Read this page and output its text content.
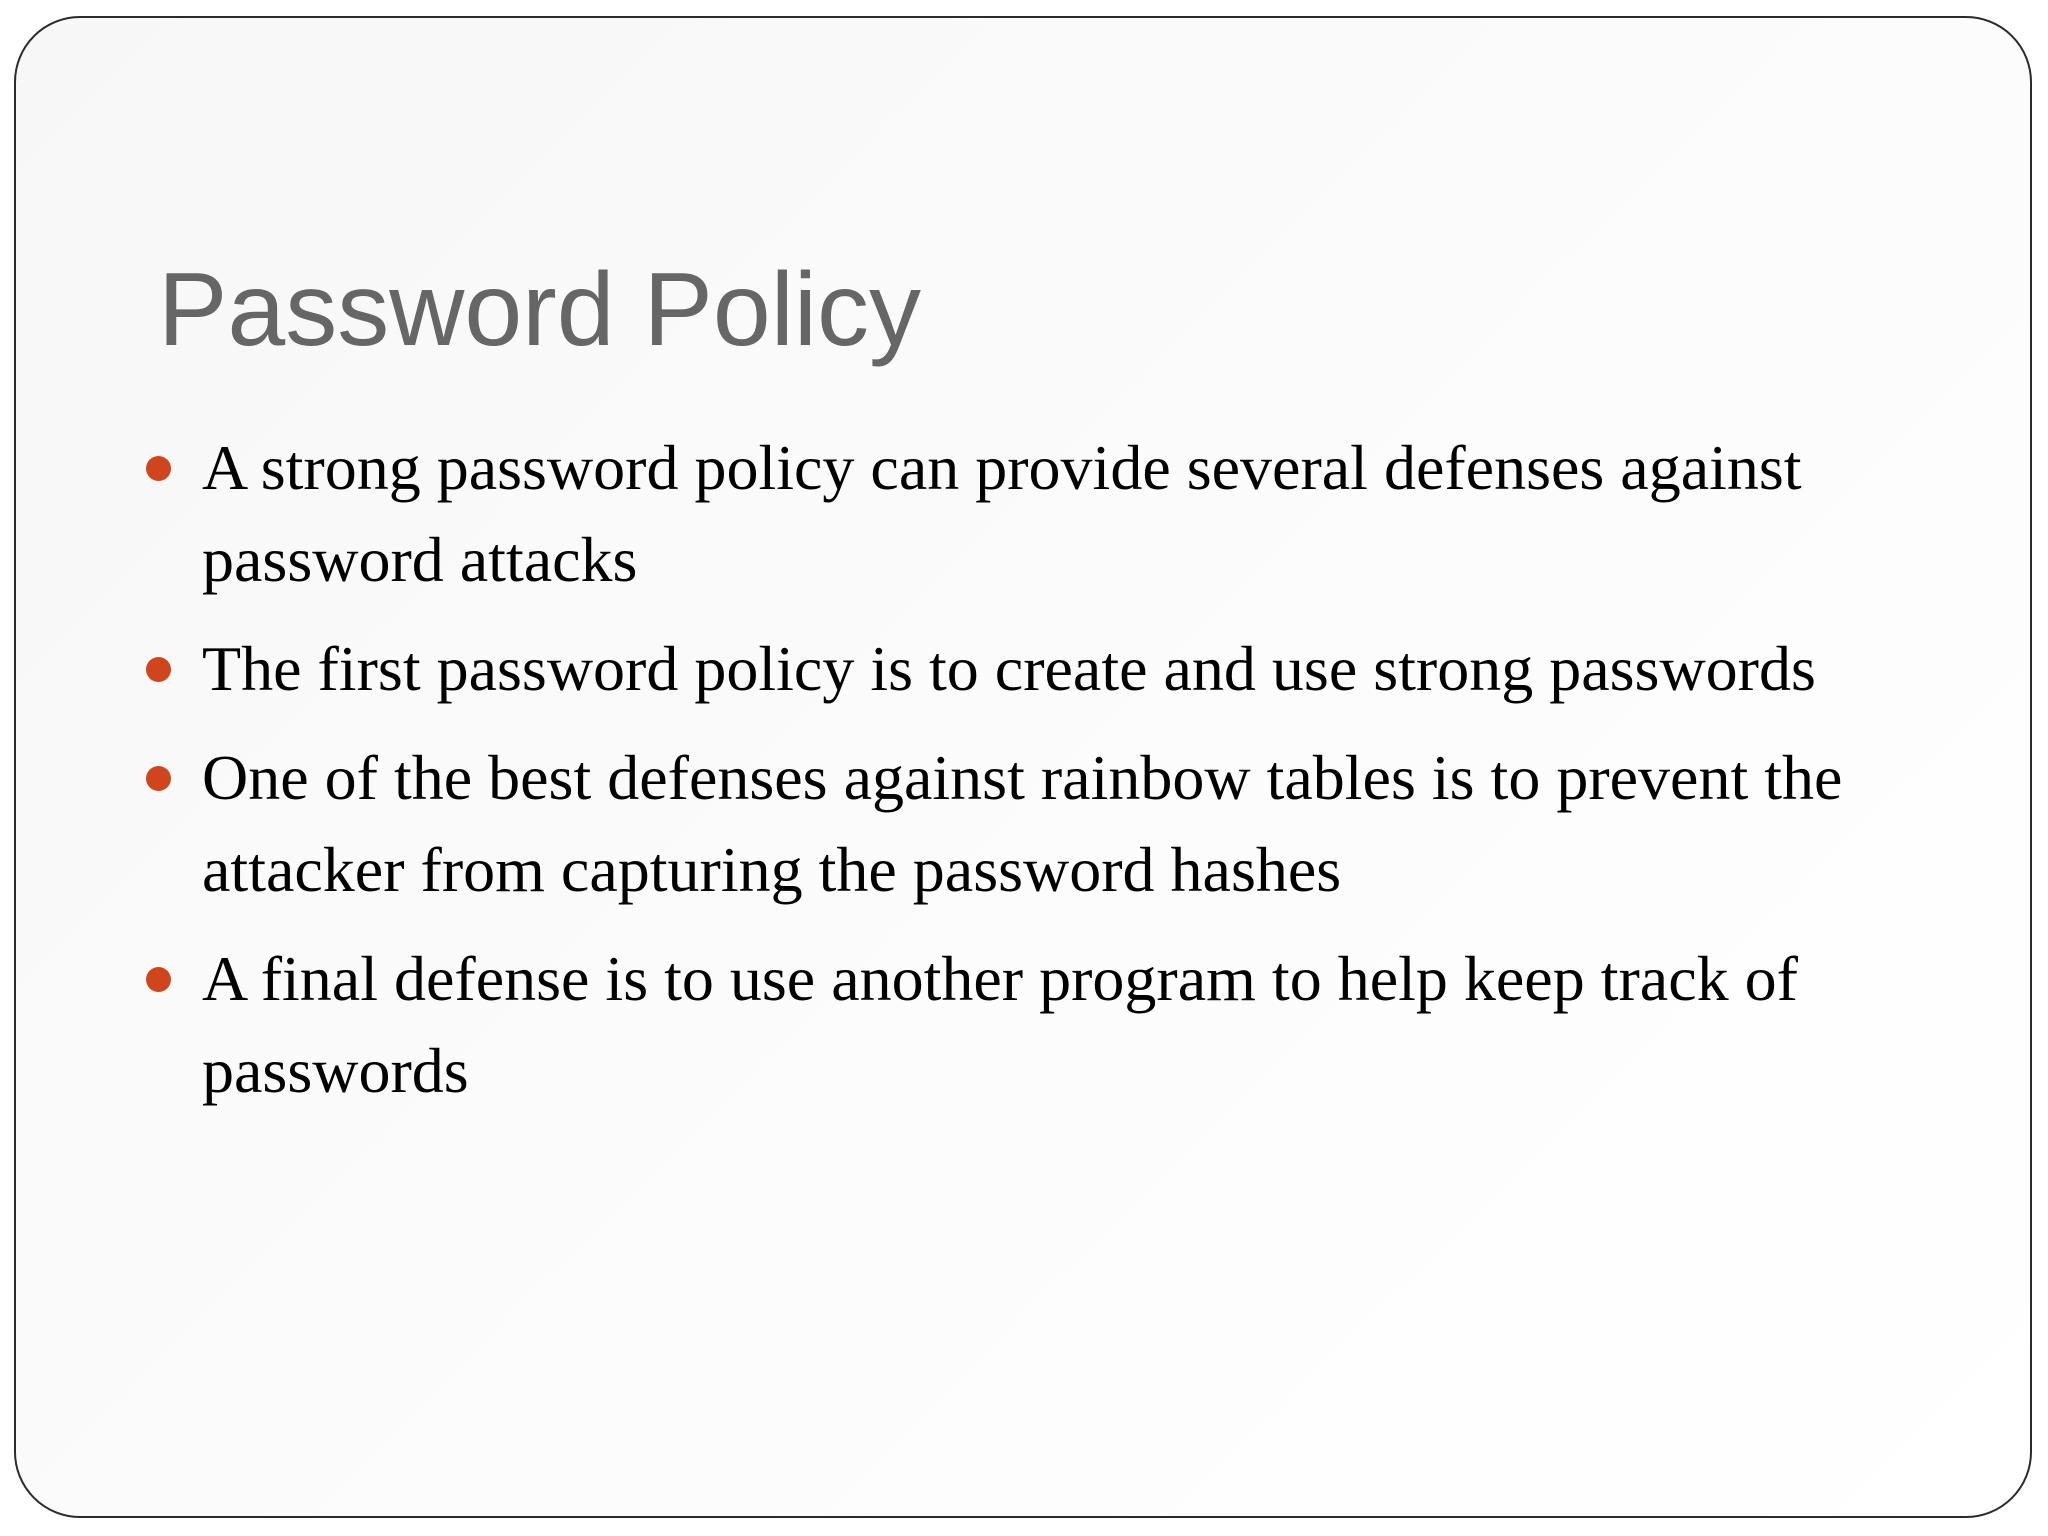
Password Policy
A strong password policy can provide several defenses against password attacks
The first password policy is to create and use strong passwords
One of the best defenses against rainbow tables is to prevent the attacker from capturing the password hashes
A final defense is to use another program to help keep track of passwords
